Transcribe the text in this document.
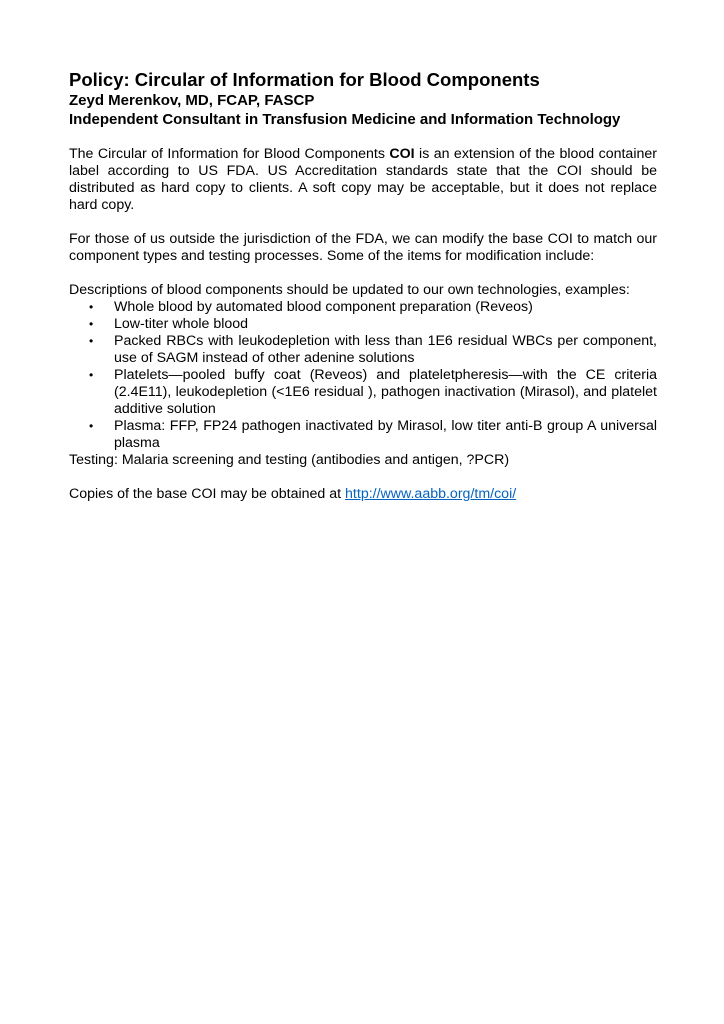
Policy: Circular of Information for Blood Components
Zeyd Merenkov, MD, FCAP, FASCP
Independent Consultant in Transfusion Medicine and Information Technology

The Circular of Information for Blood Components COI is an extension of the blood container label according to US FDA. US Accreditation standards state that the COI should be distributed as hard copy to clients. A soft copy may be acceptable, but it does not replace hard copy.

For those of us outside the jurisdiction of the FDA, we can modify the base COI to match our component types and testing processes. Some of the items for modification include:

Descriptions of blood components should be updated to our own technologies, examples:

• Whole blood by automated blood component preparation (Reveos)
• Low-titer whole blood
• Packed RBCs with leukodepletion with less than 1E6 residual WBCs per component, use of SAGM instead of other adenine solutions
• Platelets—pooled buffy coat (Reveos) and plateletpheresis—with the CE criteria (2.4E11), leukodepletion (<1E6 residual ), pathogen inactivation (Mirasol), and platelet additive solution
• Plasma: FFP, FP24 pathogen inactivated by Mirasol, low titer anti-B group A universal plasma

Testing: Malaria screening and testing (antibodies and antigen, ?PCR)

Copies of the base COI may be obtained at http://www.aabb.org/tm/coi/
